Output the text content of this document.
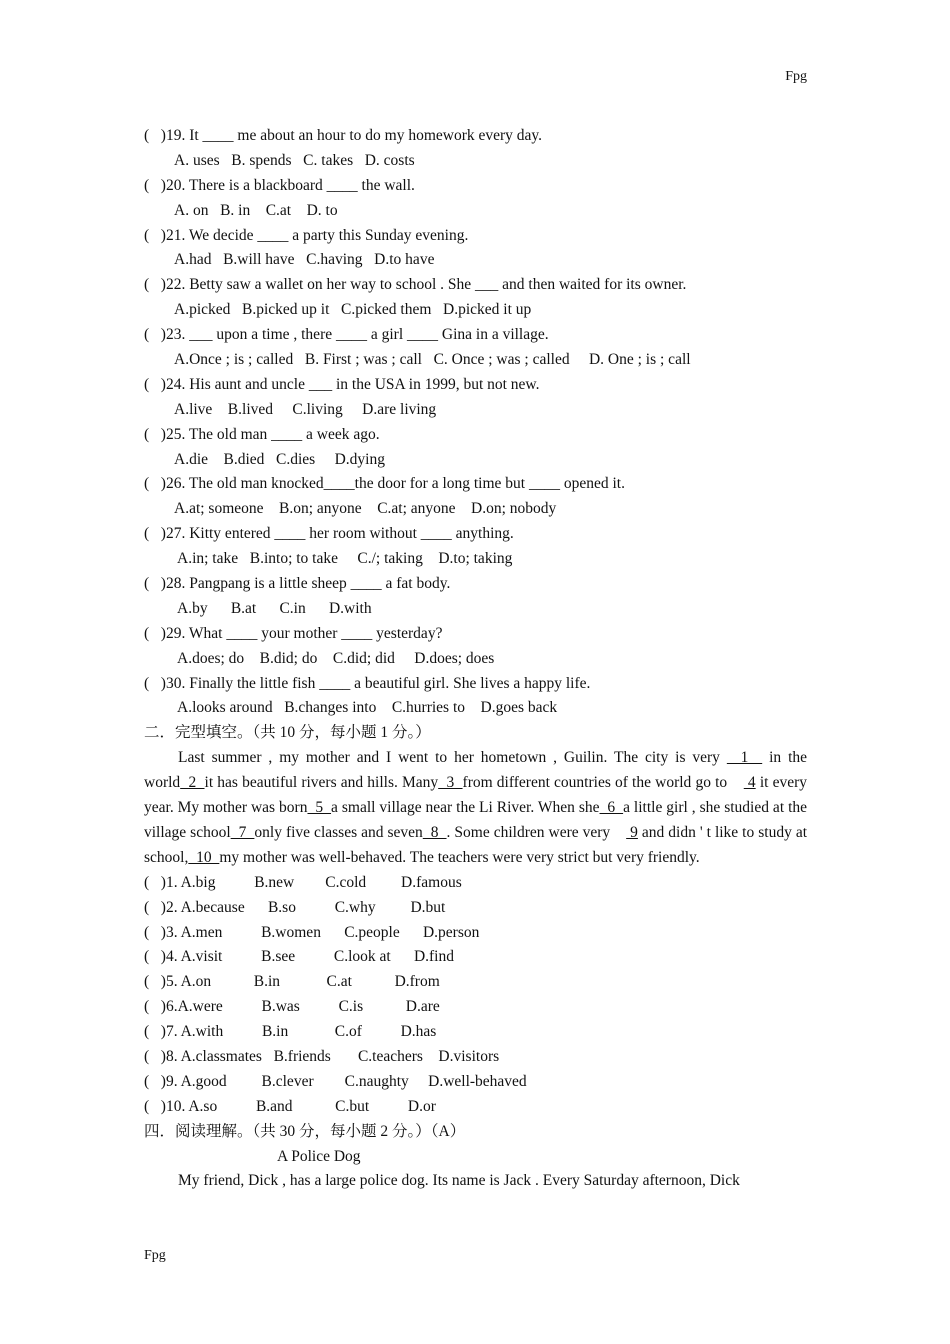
Fpg
(   )19. It ____ me about an hour to do my homework every day.
A. uses   B. spends   C. takes   D. costs
(   )20. There is a blackboard ____ the wall.
A. on   B. in    C.at    D. to
(   )21. We decide ____ a party this Sunday evening.
A.had   B.will have   C.having   D.to have
(   )22. Betty saw a wallet on her way to school . She ___ and then waited for its owner.
A.picked   B.picked up it   C.picked them   D.picked it up
(   )23. ___ upon a time , there ____ a girl ____ Gina in a village.
A.Once ; is ; called   B. First ; was ; call   C. Once ; was ; called     D. One ; is ; call
(   )24. His aunt and uncle ___ in the USA in 1999, but not new.
A.live    B.lived     C.living     D.are living
(   )25. The old man ____ a week ago.
A.die    B.died   C.dies     D.dying
(   )26. The old man knocked____the door for a long time but ____ opened it.
A.at; someone    B.on; anyone    C.at; anyone    D.on; nobody
(   )27. Kitty entered ____ her room without ____ anything.
A.in; take   B.into; to take     C./; taking    D.to; taking
(   )28. Pangpang is a little sheep ____ a fat body.
A.by      B.at      C.in      D.with
(   )29. What ____ your mother ____ yesterday?
A.does; do    B.did; do    C.did; did     D.does; does
(   )30. Finally the little fish ____ a beautiful girl. She lives a happy life.
A.looks around   B.changes into    C.hurries to    D.goes back
二．完型填空。（共 10 分，每小题 1 分。）
Last summer , my mother and I went to her hometown , Guilin. The city is very   1   in the world  2  it has beautiful rivers and hills. Many  3  from different countries of the world go to     4 it every year. My mother was born  5  a small village near the Li River. When she  6  a little girl , she studied at the village school  7  only five classes and seven  8  . Some children were very     9 and didn ' t like to study at school,  10  my mother was well-behaved. The teachers were very strict but very friendly.
(   )1. A.big          B.new        C.cold         D.famous
(   )2. A.because      B.so          C.why         D.but
(   )3. A.men          B.women      C.people      D.person
(   )4. A.visit          B.see          C.look at      D.find
(   )5. A.on           B.in            C.at           D.from
(   )6.A.were          B.was          C.is           D.are
(   )7. A.with          B.in            C.of          D.has
(   )8. A.classmates   B.friends       C.teachers    D.visitors
(   )9. A.good         B.clever        C.naughty     D.well-behaved
(   )10. A.so          B.and           C.but          D.or
四．阅读理解。（共 30 分，每小题 2 分。）（A）
A Police Dog
My friend, Dick , has a large police dog. Its name is Jack . Every Saturday afternoon, Dick
Fpg
